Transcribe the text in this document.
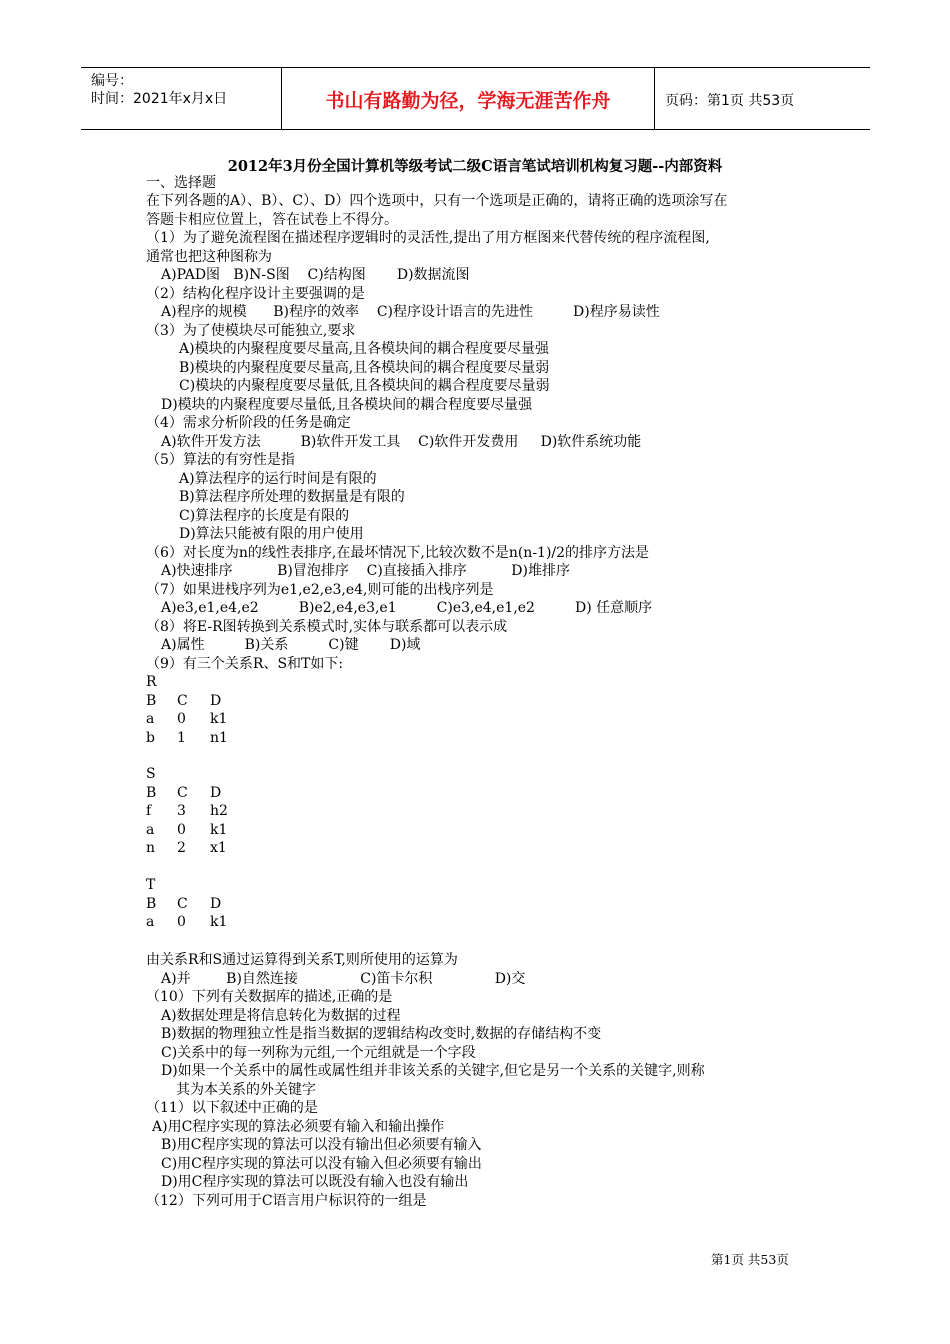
编号：
时间：2021年x月x日	书山有路勤为径，学海无涯苦作舟	页码：第1页 共53页
2012年3月份全国计算机等级考试二级C语言笔试培训机构复习题--内部资料
一、选择题
在下列各题的A）、B）、C）、D）四个选项中，只有一个选项是正确的，请将正确的选项涂写在
答题卡相应位置上，答在试卷上不得分。
（1）为了避免流程图在描述程序逻辑时的灵活性,提出了用方框图来代替传统的程序流程图,
通常也把这种图称为
A)PAD图   B)N-S图    C)结构图       D)数据流图
（2）结构化程序设计主要强调的是
A)程序的规模      B)程序的效率    C)程序设计语言的先进性         D)程序易读性
（3）为了使模块尽可能独立,要求
A)模块的内聚程度要尽量高,且各模块间的耦合程度要尽量强
B)模块的内聚程度要尽量高,且各模块间的耦合程度要尽量弱
C)模块的内聚程度要尽量低,且各模块间的耦合程度要尽量弱
D)模块的内聚程度要尽量低,且各模块间的耦合程度要尽量强
（4）需求分析阶段的任务是确定
A)软件开发方法         B)软件开发工具    C)软件开发费用     D)软件系统功能
（5）算法的有穷性是指
A)算法程序的运行时间是有限的
B)算法程序所处理的数据量是有限的
C)算法程序的长度是有限的
D)算法只能被有限的用户使用
（6）对长度为n的线性表排序,在最坏情况下,比较次数不是n(n-1)/2的排序方法是
A)快速排序          B)冒泡排序    C)直接插入排序          D)堆排序
（7）如果进栈序列为e1,e2,e3,e4,则可能的出栈序列是
A)e3,e1,e4,e2         B)e2,e4,e3,e1         C)e3,e4,e1,e2         D) 任意顺序
（8）将E-R图转换到关系模式时,实体与联系都可以表示成
A)属性         B)关系         C)键       D)域
（9）有三个关系R、S和T如下:
由关系R和S通过运算得到关系T,则所使用的运算为
A)并        B)自然连接              C)笛卡尔积              D)交
（10）下列有关数据库的描述,正确的是
A)数据处理是将信息转化为数据的过程
B)数据的物理独立性是指当数据的逻辑结构改变时,数据的存储结构不变
C)关系中的每一列称为元组,一个元组就是一个字段
D)如果一个关系中的属性或属性组并非该关系的关键字,但它是另一个关系的关键字,则称
其为本关系的外关键字
（11）以下叙述中正确的是
A)用C程序实现的算法必须要有输入和输出操作
B)用C程序实现的算法可以没有输出但必须要有输入
C)用C程序实现的算法可以没有输入但必须要有输出
D)用C程序实现的算法可以既没有输入也没有输出
（12）下列可用于C语言用户标识符的一组是
R
B C D
a 0 k1
b 1 n1
S
B C D
f 3 h2
a 0 k1
n 2 x1
T
B C D
a 0 k1
第1页 共53页
